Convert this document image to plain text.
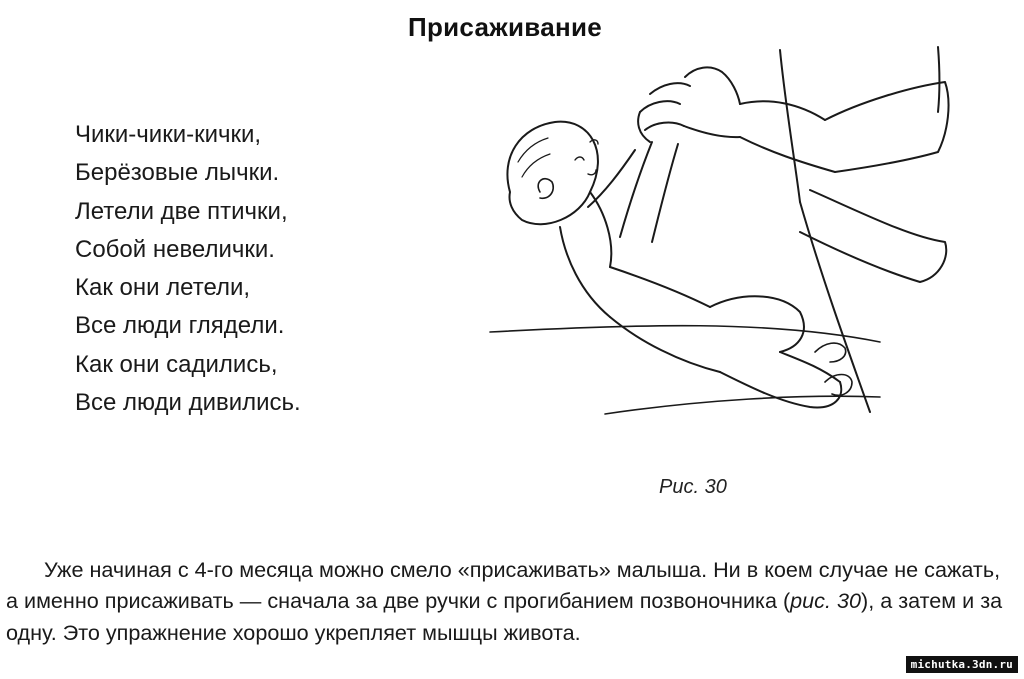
Присаживание
Чики-чики-кички,
Берёзовые лычки.
Летели две птички,
Собой невелички.
Как они летели,
Все люди глядели.
Как они садились,
Все люди дивились.
Рис. 30

Уже начиная с 4-го месяца можно смело «присаживать» малыша. Ни в коем случае не сажать, а именно присаживать — сначала за две ручки с прогибанием позвоночника (рис. 30), а затем и за одну. Это упражнение хорошо укрепляет мышцы живота.

michutka.3dn.ru
